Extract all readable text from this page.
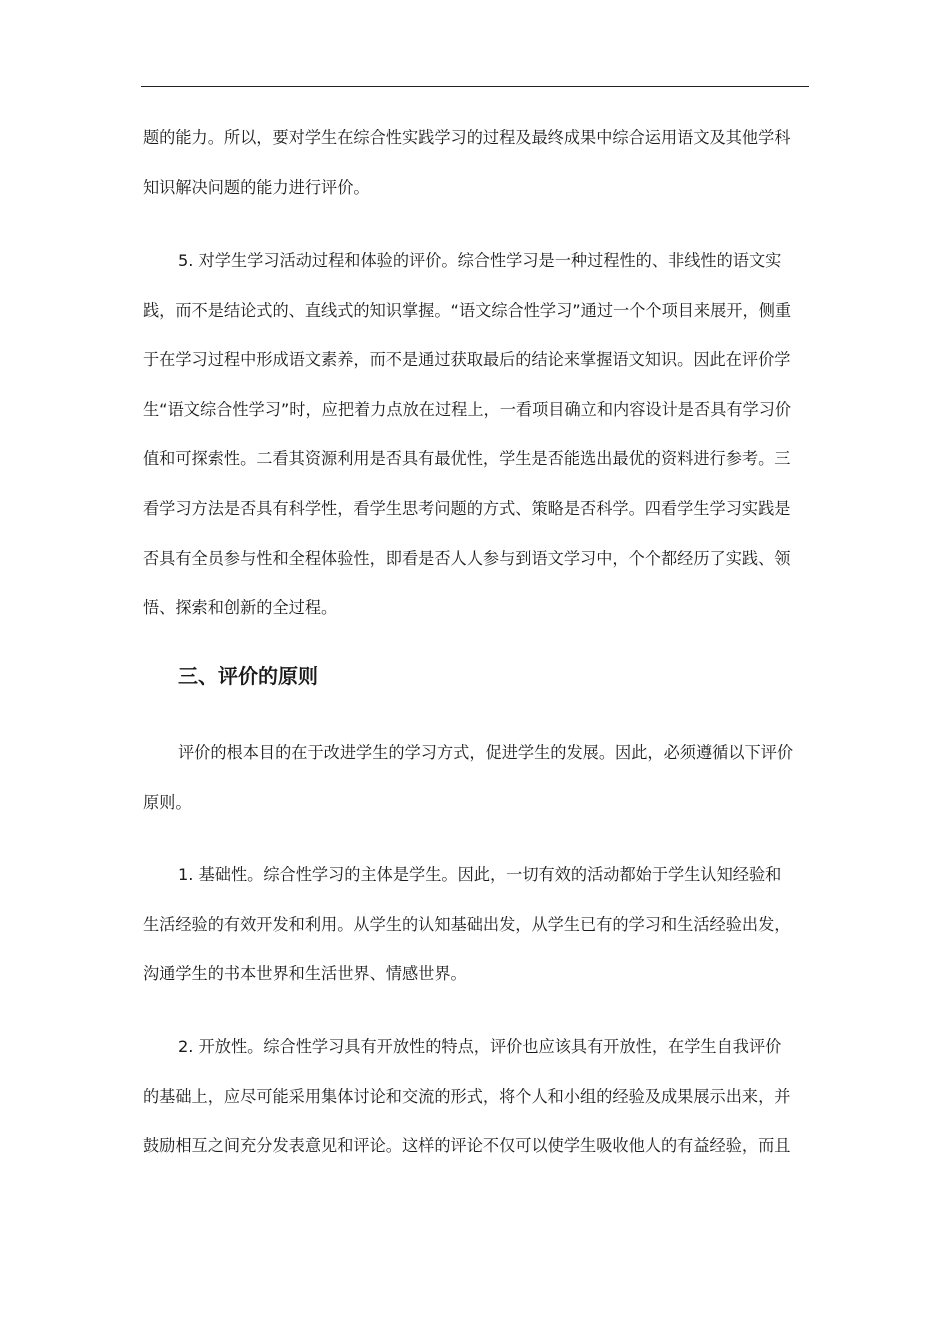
题的能力。所以，要对学生在综合性实践学习的过程及最终成果中综合运用语文及其他学科
知识解决问题的能力进行评价。
5. 对学生学习活动过程和体验的评价。综合性学习是一种过程性的、非线性的语文实
践，而不是结论式的、直线式的知识掌握。“语文综合性学习”通过一个个项目来展开，侧重
于在学习过程中形成语文素养，而不是通过获取最后的结论来掌握语文知识。因此在评价学
生“语文综合性学习”时，应把着力点放在过程上，一看项目确立和内容设计是否具有学习价
值和可探索性。二看其资源利用是否具有最优性，学生是否能选出最优的资料进行参考。三
看学习方法是否具有科学性，看学生思考问题的方式、策略是否科学。四看学生学习实践是
否具有全员参与性和全程体验性，即看是否人人参与到语文学习中，个个都经历了实践、领
悟、探索和创新的全过程。
三、评价的原则
评价的根本目的在于改进学生的学习方式，促进学生的发展。因此，必须遵循以下评价
原则。
1. 基础性。综合性学习的主体是学生。因此，一切有效的活动都始于学生认知经验和
生活经验的有效开发和利用。从学生的认知基础出发，从学生已有的学习和生活经验出发，
沟通学生的书本世界和生活世界、情感世界。
2. 开放性。综合性学习具有开放性的特点，评价也应该具有开放性，在学生自我评价
的基础上，应尽可能采用集体讨论和交流的形式，将个人和小组的经验及成果展示出来，并
鼓励相互之间充分发表意见和评论。这样的评论不仅可以使学生吸收他人的有益经验，而且
